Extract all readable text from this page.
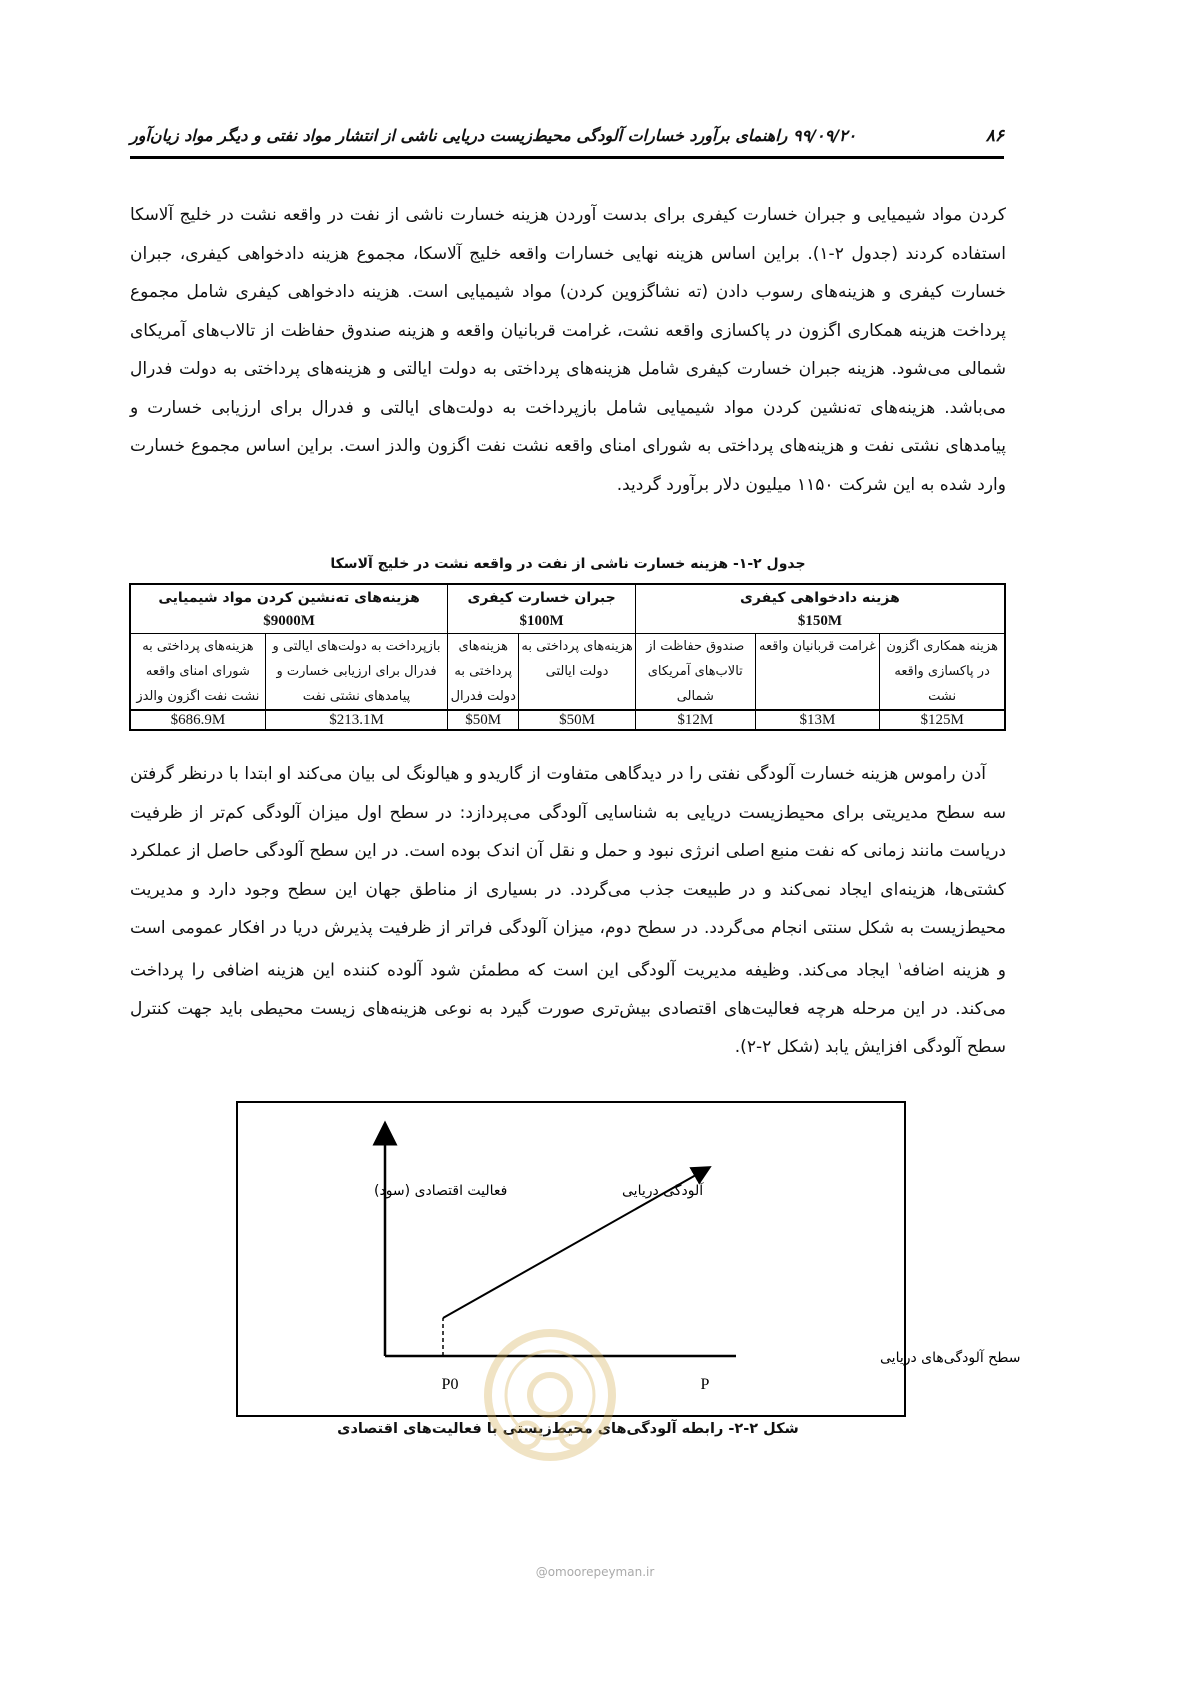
۸۶
۹۹/۰۹/۲۰ راهنمای برآورد خسارات آلودگی محیط‌زیست دریایی ناشی از انتشار مواد نفتی و دیگر مواد زیان‌آور

کردن مواد شیمیایی و جبران خسارت کیفری برای بدست آوردن هزینه خسارت ناشی از نفت در واقعه نشت در خلیج آلاسکا استفاده کردند (جدول ۲-۱). براین اساس هزینه نهایی خسارات واقعه خلیج آلاسکا، مجموع هزینه دادخواهی کیفری، جبران خسارت کیفری و هزینه‌های رسوب دادن (ته نشاگزوین کردن) مواد شیمیایی است. هزینه دادخواهی کیفری شامل مجموع پرداخت هزینه همکاری اگزون در پاکسازی واقعه نشت، غرامت قربانیان واقعه و هزینه صندوق حفاظت از تالاب‌های آمریکای شمالی می‌شود. هزینه جبران خسارت کیفری شامل هزینه‌های پرداختی به دولت ایالتی و هزینه‌های پرداختی به دولت فدرال می‌باشد. هزینه‌های ته‌نشین کردن مواد شیمیایی شامل بازپرداخت به دولت‌های ایالتی و فدرال برای ارزیابی خسارت و پیامدهای نشتی نفت و هزینه‌های پرداختی به شورای امنای واقعه نشت نفت اگزون والدز است. براین اساس مجموع خسارت وارد شده به این شرکت ۱۱۵۰ میلیون دلار برآورد گردید.

جدول ۲-۱- هزینه خسارت ناشی از نفت در واقعه نشت در خلیج آلاسکا
هزینه دادخواهی کیفری
$150M			جبران خسارت کیفری
$100M		هزینه‌های ته‌نشین کردن مواد شیمیایی
$9000M	
هزینه همکاری اگزون در پاکسازی واقعه نشت	غرامت قربانیان واقعه	صندوق حفاظت از تالاب‌های آمریکای شمالی	هزینه‌های پرداختی به دولت ایالتی	هزینه‌های پرداختی به دولت فدرال	بازپرداخت به دولت‌های ایالتی و فدرال برای ارزیابی خسارت و پیامدهای نشتی نفت	هزینه‌های پرداختی به شورای امنای واقعه نشت نفت اگزون والدز
$125M	$13M	$12M	$50M	$50M	$213.1M	$686.9M

آدن راموس هزینه خسارت آلودگی نفتی را در دیدگاهی متفاوت از گاریدو و هیالونگ لی بیان می‌کند او ابتدا با درنظر گرفتن سه سطح مدیریتی برای محیط‌زیست دریایی به شناسایی آلودگی می‌پردازد: در سطح اول میزان آلودگی کم‌تر از ظرفیت دریاست مانند زمانی که نفت منبع اصلی انرژی نبود و حمل و نقل آن اندک بوده است. در این سطح آلودگی حاصل از عملکرد کشتی‌ها، هزینه‌ای ایجاد نمی‌کند و در طبیعت جذب می‌گردد. در بسیاری از مناطق جهان این سطح وجود دارد و مدیریت محیط‌زیست به شکل سنتی انجام می‌گردد. در سطح دوم، میزان آلودگی فراتر از ظرفیت پذیرش دریا در افکار عمومی است و هزینه اضافه$^۱$ ایجاد می‌کند. وظیفه مدیریت آلودگی این است که مطمئن شود آلوده کننده این هزینه اضافی را پرداخت می‌کند. در این مرحله هرچه فعالیت‌های اقتصادی بیش‌تری صورت گیرد به نوعی هزینه‌های زیست محیطی باید جهت کنترل سطح آلودگی افزایش یابد (شکل ۲-۲).

فعالیت اقتصادی (سود)	آلودگی دریایی
سطح آلودگی‌های دریایی
P0	P
شکل ۲-۲- رابطه آلودگی‌های محیط‌زیستی با فعالیت‌های اقتصادی
@omoorepeyman.ir
